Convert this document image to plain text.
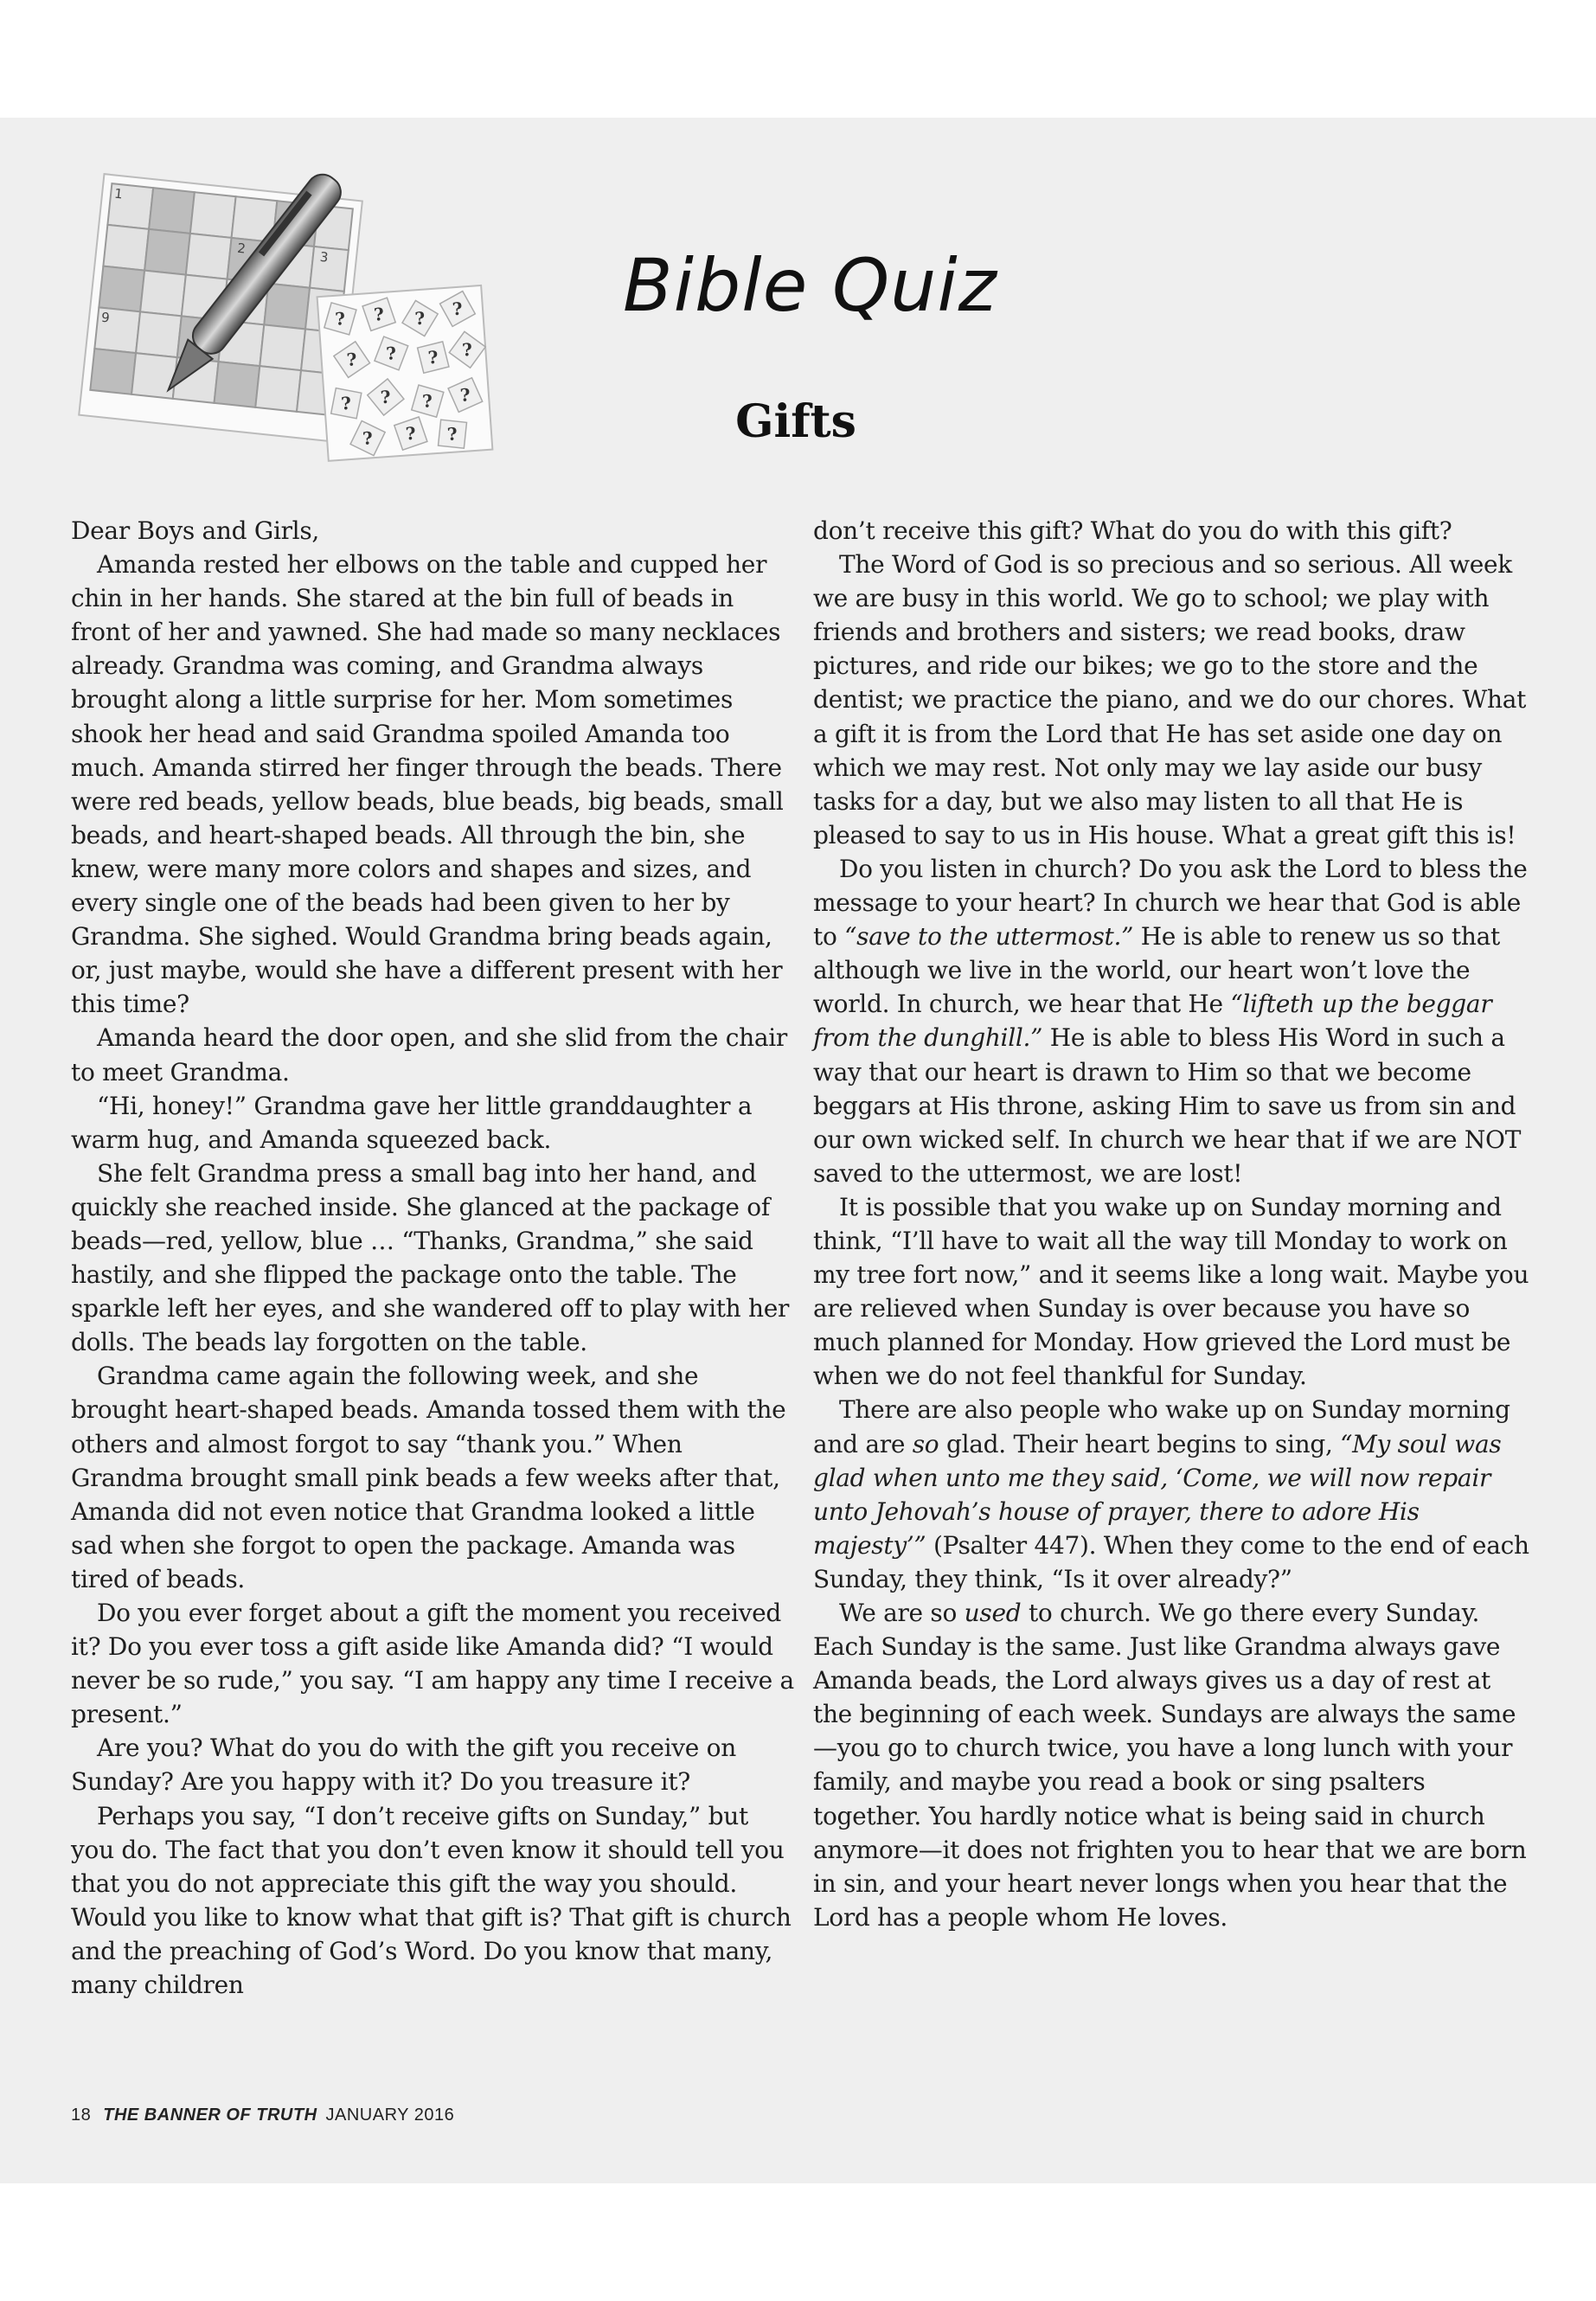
1
2
3
9	? ? ? ?
? ? ? ?
? ? ? ?
? ? ?
Bible Quiz
Gifts

Dear Boys and Girls,

Amanda rested her elbows on the table and cupped her chin in her hands. She stared at the bin full of beads in front of her and yawned. She had made so many necklaces already. Grandma was coming, and Grandma always brought along a little surprise for her. Mom sometimes shook her head and said Grandma spoiled Amanda too much. Amanda stirred her finger through the beads. There were red beads, yellow beads, blue beads, big beads, small beads, and heart-shaped beads. All through the bin, she knew, were many more colors and shapes and sizes, and every single one of the beads had been given to her by Grandma. She sighed. Would Grandma bring beads again, or, just maybe, would she have a different present with her this time?

Amanda heard the door open, and she slid from the chair to meet Grandma.

“Hi, honey!” Grandma gave her little granddaughter a warm hug, and Amanda squeezed back.

She felt Grandma press a small bag into her hand, and quickly she reached inside. She glanced at the package of beads—red, yellow, blue … “Thanks, Grandma,” she said hastily, and she flipped the package onto the table. The sparkle left her eyes, and she wandered off to play with her dolls. The beads lay forgotten on the table.

Grandma came again the following week, and she brought heart-shaped beads. Amanda tossed them with the others and almost forgot to say “thank you.” When Grandma brought small pink beads a few weeks after that, Amanda did not even notice that Grandma looked a little sad when she forgot to open the package. Amanda was tired of beads.

Do you ever forget about a gift the moment you received it? Do you ever toss a gift aside like Amanda did? “I would never be so rude,” you say. “I am happy any time I receive a present.”

Are you? What do you do with the gift you receive on Sunday? Are you happy with it? Do you treasure it?

Perhaps you say, “I don’t receive gifts on Sunday,” but you do. The fact that you don’t even know it should tell you that you do not appreciate this gift the way you should. Would you like to know what that gift is? That gift is church and the preaching of God’s Word. Do you know that many, many children

don’t receive this gift? What do you do with this gift?

The Word of God is so precious and so serious. All week we are busy in this world. We go to school; we play with friends and brothers and sisters; we read books, draw pictures, and ride our bikes; we go to the store and the dentist; we practice the piano, and we do our chores. What a gift it is from the Lord that He has set aside one day on which we may rest. Not only may we lay aside our busy tasks for a day, but we also may listen to all that He is pleased to say to us in His house. What a great gift this is!

Do you listen in church? Do you ask the Lord to bless the message to your heart? In church we hear that God is able to “save to the uttermost.” He is able to renew us so that although we live in the world, our heart won’t love the world. In church, we hear that He “lifteth up the beggar from the dunghill.” He is able to bless His Word in such a way that our heart is drawn to Him so that we become beggars at His throne, asking Him to save us from sin and our own wicked self. In church we hear that if we are NOT saved to the uttermost, we are lost!

It is possible that you wake up on Sunday morning and think, “I’ll have to wait all the way till Monday to work on my tree fort now,” and it seems like a long wait. Maybe you are relieved when Sunday is over because you have so much planned for Monday. How grieved the Lord must be when we do not feel thankful for Sunday.

There are also people who wake up on Sunday morning and are so glad. Their heart begins to sing, “My soul was glad when unto me they said, ‘Come, we will now repair unto Jehovah’s house of prayer, there to adore His majesty’” (Psalter 447). When they come to the end of each Sunday, they think, “Is it over already?”

We are so used to church. We go there every Sunday. Each Sunday is the same. Just like Grandma always gave Amanda beads, the Lord always gives us a day of rest at the beginning of each week. Sundays are always the same—you go to church twice, you have a long lunch with your family, and maybe you read a book or sing psalters together. You hardly notice what is being said in church anymore—it does not frighten you to hear that we are born in sin, and your heart never longs when you hear that the Lord has a people whom He loves.

18 THE BANNER OF TRUTH JANUARY 2016
